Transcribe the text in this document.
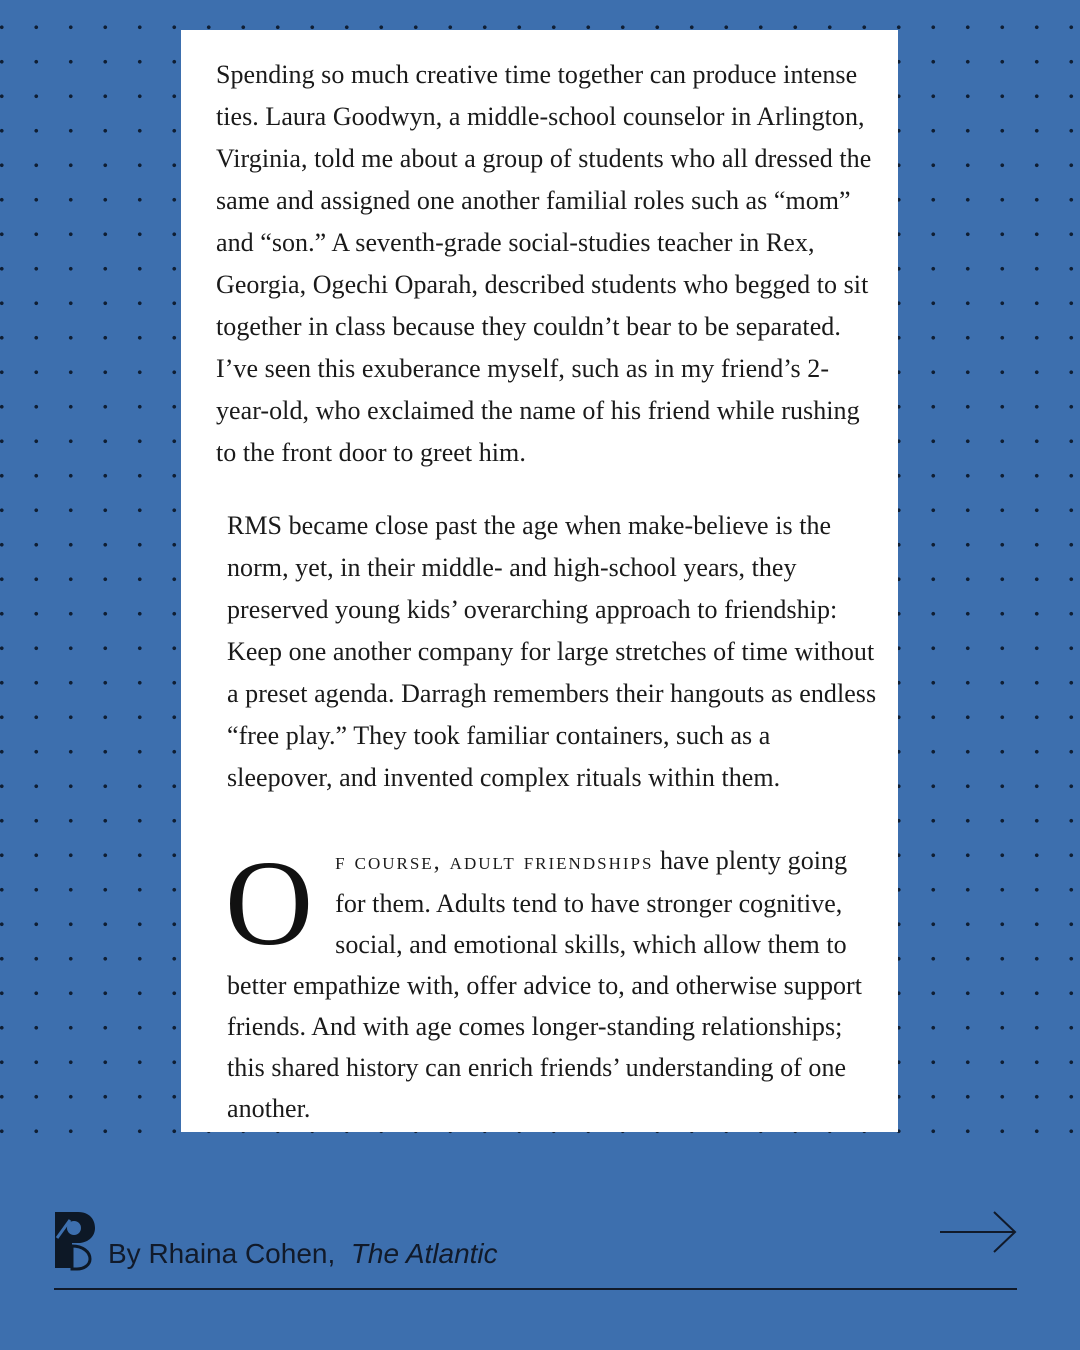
Spending so much creative time together can produce intense ties. Laura Goodwyn, a middle-school counselor in Arlington, Virginia, told me about a group of students who all dressed the same and assigned one another familial roles such as “mom” and “son.” A seventh-grade social-studies teacher in Rex, Georgia, Ogechi Oparah, described students who begged to sit together in class because they couldn’t bear to be separated. I’ve seen this exuberance myself, such as in my friend’s 2-year-old, who exclaimed the name of his friend while rushing to the front door to greet him.

RMS became close past the age when make-believe is the norm, yet, in their middle- and high-school years, they preserved young kids’ overarching approach to friendship: Keep one another company for large stretches of time without a preset agenda. Darragh remembers their hangouts as endless “free play.” They took familiar containers, such as a sleepover, and invented complex rituals within them.

Of course, adult friendships have plenty going for them. Adults tend to have stronger cognitive, social, and emotional skills, which allow them to better empathize with, offer advice to, and otherwise support friends. And with age comes longer-standing relationships; this shared history can enrich friends’ understanding of one another.

By Rhaina Cohen, The Atlantic
